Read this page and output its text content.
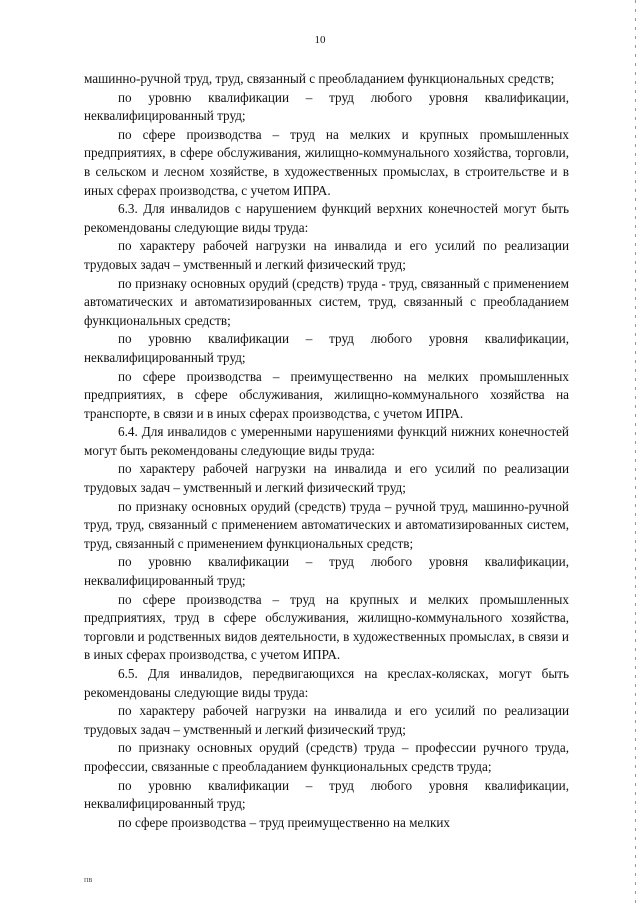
10

машинно-ручной труд, труд, связанный с преобладанием функциональных средств;

по уровню квалификации – труд любого уровня квалификации, неквалифицированный труд;

по сфере производства – труд на мелких и крупных промышленных предприятиях, в сфере обслуживания, жилищно-коммунального хозяйства, торговли, в сельском и лесном хозяйстве, в художественных промыслах, в строительстве и в иных сферах производства, с учетом ИПРА.

6.3. Для инвалидов с нарушением функций верхних конечностей могут быть рекомендованы следующие виды труда:

по характеру рабочей нагрузки на инвалида и его усилий по реализации трудовых задач – умственный и легкий физический труд;

по признаку основных орудий (средств) труда - труд, связанный с применением автоматических и автоматизированных систем, труд, связанный с преобладанием функциональных средств;

по уровню квалификации – труд любого уровня квалификации, неквалифицированный труд;

по сфере производства – преимущественно на мелких промышленных предприятиях, в сфере обслуживания, жилищно-коммунального хозяйства на транспорте, в связи и в иных сферах производства, с учетом ИПРА.

6.4. Для инвалидов с умеренными нарушениями функций нижних конечностей могут быть рекомендованы следующие виды труда:

по характеру рабочей нагрузки на инвалида и его усилий по реализации трудовых задач – умственный и легкий физический труд;

по признаку основных орудий (средств) труда – ручной труд, машинно-ручной труд, труд, связанный с применением автоматических и автоматизированных систем, труд, связанный с применением функциональных средств;

по уровню квалификации – труд любого уровня квалификации, неквалифицированный труд;

по сфере производства – труд на крупных и мелких промышленных предприятиях, труд в сфере обслуживания, жилищно-коммунального хозяйства, торговли и родственных видов деятельности, в художественных промыслах, в связи и в иных сферах производства, с учетом ИПРА.

6.5. Для инвалидов, передвигающихся на креслах-колясках, могут быть рекомендованы следующие виды труда:

по характеру рабочей нагрузки на инвалида и его усилий по реализации трудовых задач – умственный и легкий физический труд;

по признаку основных орудий (средств) труда – профессии ручного труда, профессии, связанные с преобладанием функциональных средств труда;

по уровню квалификации – труд любого уровня квалификации, неквалифицированный труд;

по сфере производства – труд преимущественно на мелких

ПВ
